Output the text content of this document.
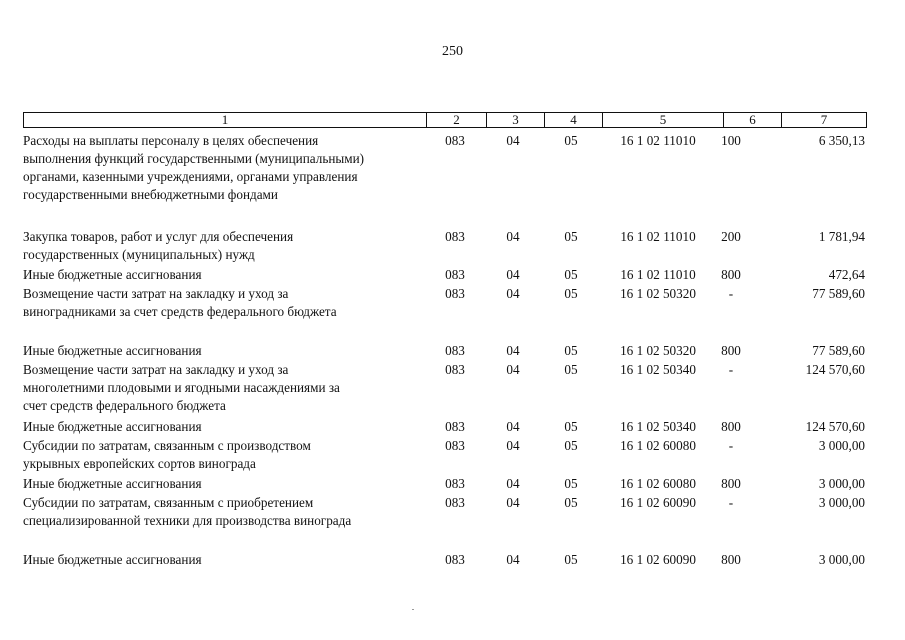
250
1	2	3	4	5	6	7
Расходы на выплаты персоналу в целях обеспечения
выполнения функций государственными (муниципальными)
органами, казенными учреждениями, органами управления
государственными внебюджетными фондами
083	04	05	16 1 02 11010	100	6 350,13
Закупка товаров, работ и услуг для обеспечения
государственных (муниципальных) нужд
083	04	05	16 1 02 11010	200	1 781,94
Иные бюджетные ассигнования	083	04	05	16 1 02 11010	800	472,64
Возмещение части затрат на закладку и уход за
виноградниками за счет средств федерального бюджета
083	04	05	16 1 02 50320	-	77 589,60
Иные бюджетные ассигнования	083	04	05	16 1 02 50320	800	77 589,60
Возмещение части затрат на закладку и уход за
многолетними плодовыми и ягодными насаждениями за
счет средств федерального бюджета
083	04	05	16 1 02 50340	-	124 570,60
Иные бюджетные ассигнования	083	04	05	16 1 02 50340	800	124 570,60
Субсидии по затратам, связанным с производством
укрывных европейских сортов винограда
083	04	05	16 1 02 60080	-	3 000,00
Иные бюджетные ассигнования	083	04	05	16 1 02 60080	800	3 000,00
Субсидии по затратам, связанным с приобретением
специализированной техники для производства винограда
083	04	05	16 1 02 60090	-	3 000,00
Иные бюджетные ассигнования	083	04	05	16 1 02 60090	800	3 000,00
